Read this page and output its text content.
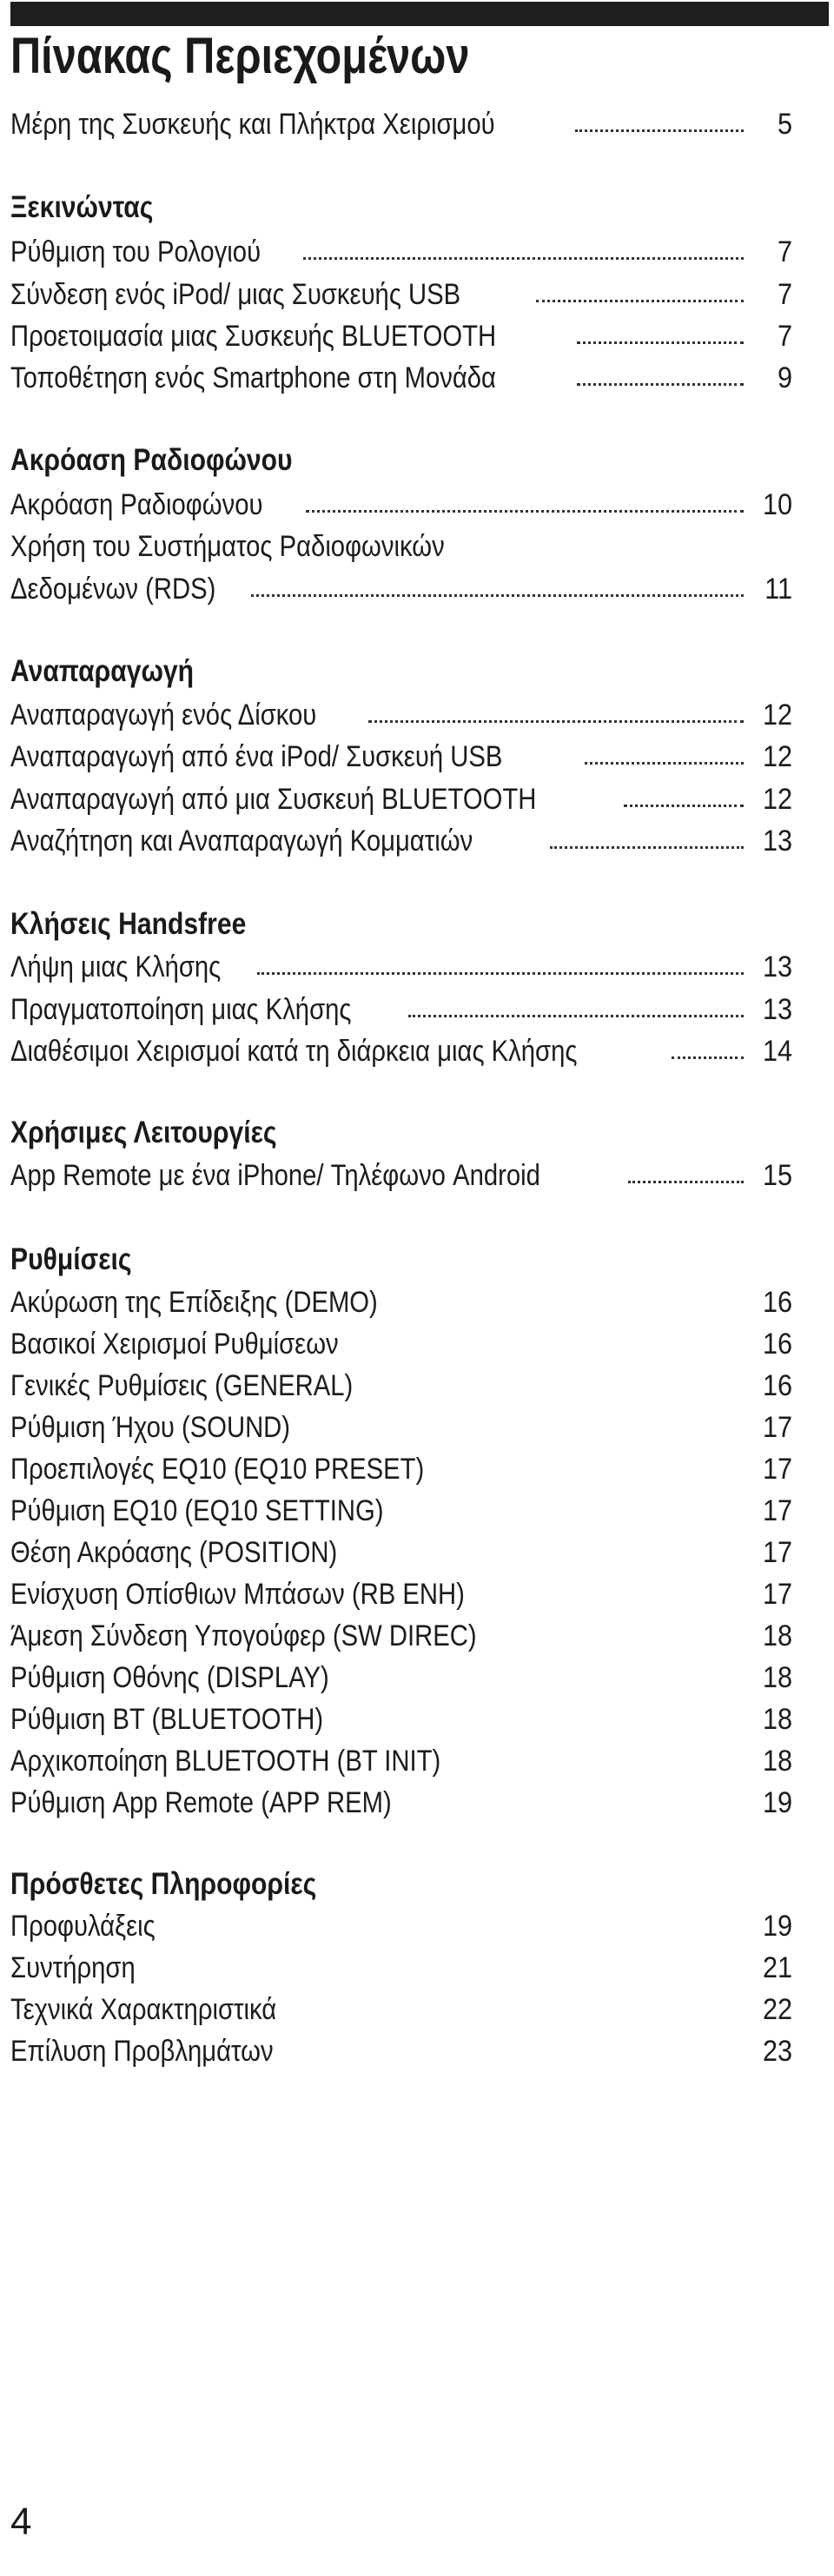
Πίνακας Περιεχομένων
Μέρη της Συσκευής και Πλήκτρα Χειρισμού	5
Ξεκινώντας
Ρύθμιση του Ρολογιού	7
Σύνδεση ενός iPod/ μιας Συσκευής USB	7
Προετοιμασία μιας Συσκευής BLUETOOTH	7
Τοποθέτηση ενός Smartphone στη Μονάδα	9
Ακρόαση Ραδιοφώνου
Ακρόαση Ραδιοφώνου	10
Χρήση του Συστήματος Ραδιοφωνικών
Δεδομένων (RDS)	11
Αναπαραγωγή
Αναπαραγωγή ενός Δίσκου	12
Αναπαραγωγή από ένα iPod/ Συσκευή USB	12
Αναπαραγωγή από μια Συσκευή BLUETOOTH	12
Αναζήτηση και Αναπαραγωγή Κομματιών	13
Κλήσεις Handsfree
Λήψη μιας Κλήσης	13
Πραγματοποίηση μιας Κλήσης	13
Διαθέσιμοι Χειρισμοί κατά τη διάρκεια μιας Κλήσης	14
Χρήσιμες Λειτουργίες
App Remote με ένα iPhone/ Τηλέφωνο Android	15
Ρυθμίσεις
Ακύρωση της Επίδειξης (DEMO)	16
Βασικοί Χειρισμοί Ρυθμίσεων	16
Γενικές Ρυθμίσεις (GENERAL)	16
Ρύθμιση Ήχου (SOUND)	17
Προεπιλογές EQ10 (EQ10 PRESET)	17
Ρύθμιση EQ10 (EQ10 SETTING)	17
Θέση Ακρόασης (POSITION)	17
Ενίσχυση Οπίσθιων Μπάσων (RB ENH)	17
Άμεση Σύνδεση Υπογούφερ (SW DIREC)	18
Ρύθμιση Οθόνης (DISPLAY)	18
Ρύθμιση BT (BLUETOOTH)	18
Αρχικοποίηση BLUETOOTH (BT INIT)	18
Ρύθμιση App Remote (APP REM)	19
Πρόσθετες Πληροφορίες
Προφυλάξεις	19
Συντήρηση	21
Τεχνικά Χαρακτηριστικά	22
Επίλυση Προβλημάτων	23
4
